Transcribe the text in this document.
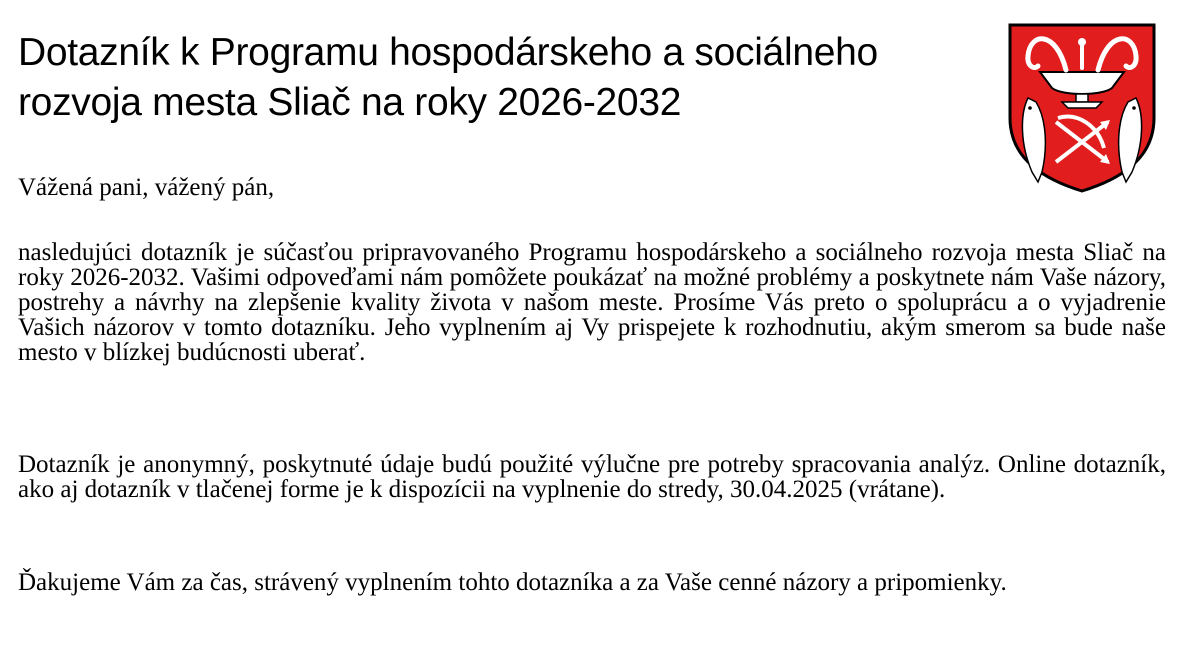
Dotazník k Programu hospodárskeho a sociálneho rozvoja mesta Sliač na roky 2026-2032

Vážená pani, vážený pán,

nasledujúci dotazník je súčasťou pripravovaného Programu hospodárskeho a sociálneho rozvoja mesta Sliač na roky 2026-2032. Vašimi odpoveďami nám pomôžete poukázať na možné problémy a poskytnete nám Vaše názory, postrehy a návrhy na zlepšenie kvality života v našom meste. Prosíme Vás preto o spoluprácu a o vyjadrenie Vašich názorov v tomto dotazníku. Jeho vyplnením aj Vy prispejete k rozhodnutiu, akým smerom sa bude naše mesto v blízkej budúcnosti uberať.

Dotazník je anonymný, poskytnuté údaje budú použité výlučne pre potreby spracovania analýz. Online dotazník, ako aj dotazník v tlačenej forme je k dispozícii na vyplnenie do stredy, 30.04.2025 (vrátane).

Ďakujeme Vám za čas, strávený vyplnením tohto dotazníka a za Vaše cenné názory a pripomienky.
